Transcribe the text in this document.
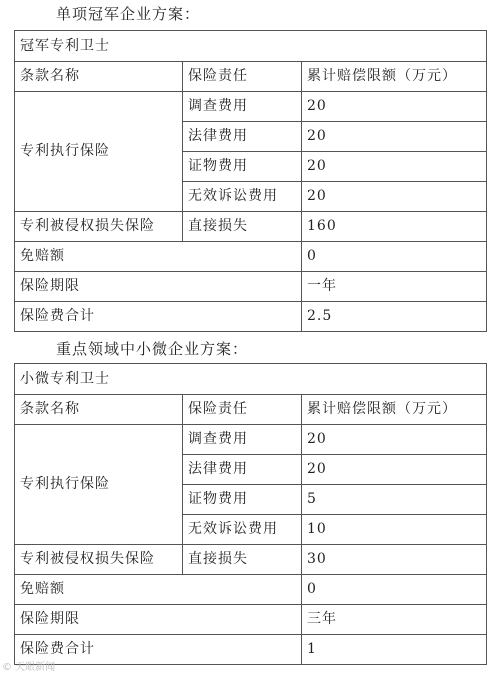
单项冠军企业方案：
冠军专利卫士		
条款名称	保险责任	累计赔偿限额（万元）
专利执行保险	调查费用	20
	法律费用	20
	证物费用	20
	无效诉讼费用	20
专利被侵权损失保险	直接损失	160
免赔额		0
保险期限		一年
保险费合计		2.5
重点领域中小微企业方案：
小微专利卫士		
条款名称	保险责任	累计赔偿限额（万元）
专利执行保险	调查费用	20
	法律费用	20
	证物费用	5
	无效诉讼费用	10
专利被侵权损失保险	直接损失	30
免赔额		0
保险期限		三年
保险费合计		1
© 天眼新闻
